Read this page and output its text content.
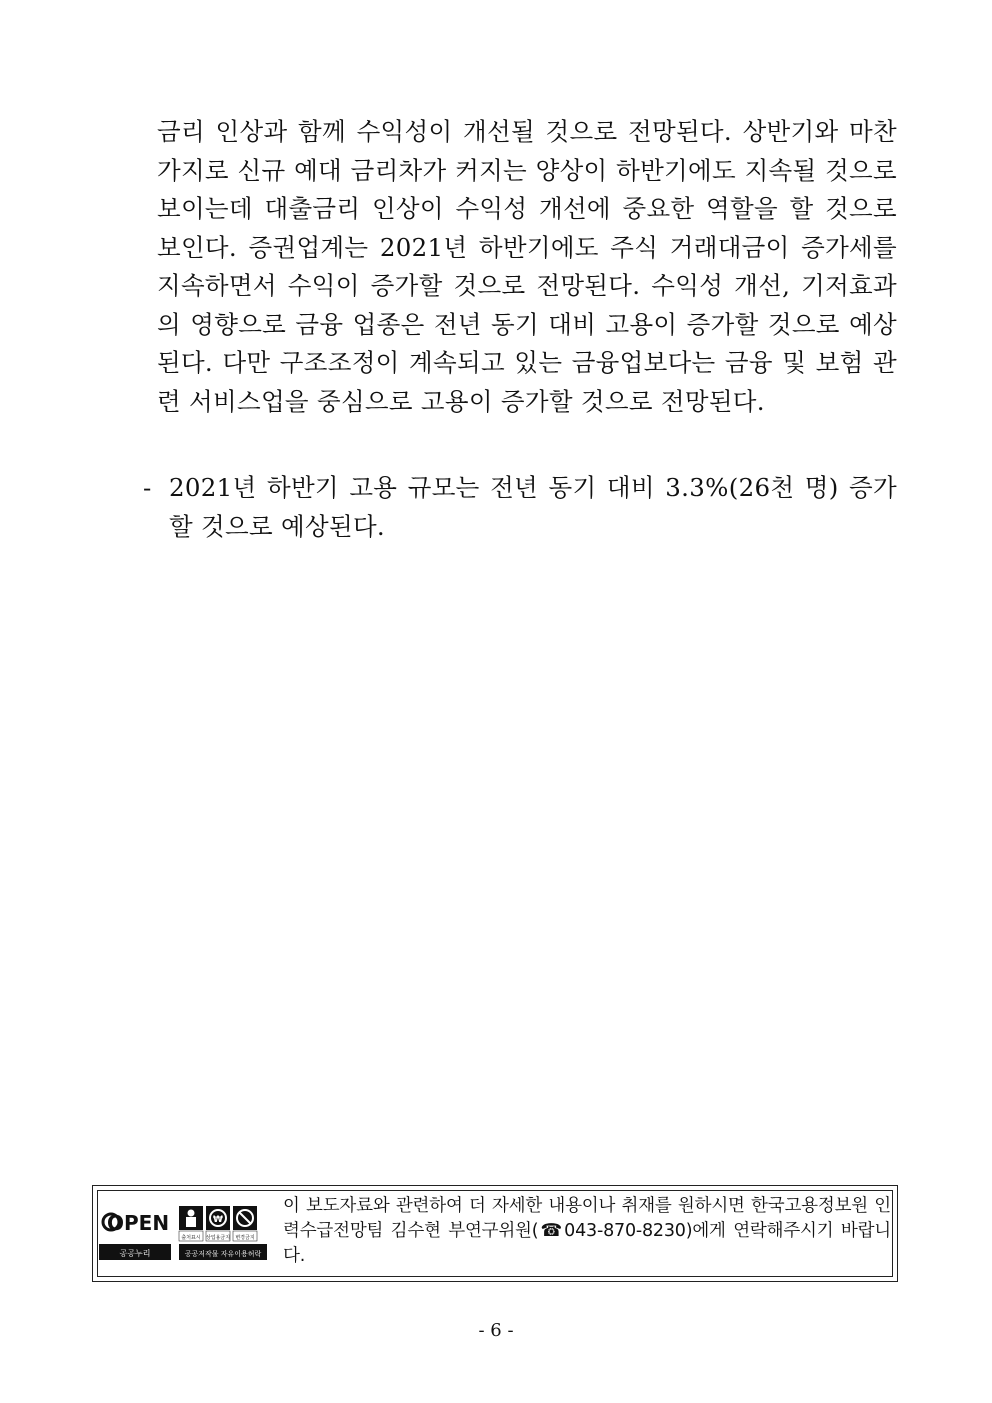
금리 인상과 함께 수익성이 개선될 것으로 전망된다. 상반기와 마찬가지로 신규 예대 금리차가 커지는 양상이 하반기에도 지속될 것으로 보이는데 대출금리 인상이 수익성 개선에 중요한 역할을 할 것으로 보인다. 증권업계는 2021년 하반기에도 주식 거래대금이 증가세를 지속하면서 수익이 증가할 것으로 전망된다. 수익성 개선, 기저효과의 영향으로 금융 업종은 전년 동기 대비 고용이 증가할 것으로 예상된다. 다만 구조조정이 계속되고 있는 금융업보다는 금융 및 보험 관련 서비스업을 중심으로 고용이 증가할 것으로 전망된다.
- 2021년 하반기 고용 규모는 전년 동기 대비 3.3%(26천 명) 증가할 것으로 예상된다.
OPEN
공공누리
₩
출처표시 상업용금지 변경금지
공공저작물 자유이용허락
이 보도자료와 관련하여 더 자세한 내용이나 취재를 원하시면 한국고용정보원 인력수급전망팀 김수현 부연구위원(☎043-870-8230)에게 연락해주시기 바랍니다.
- 6 -
